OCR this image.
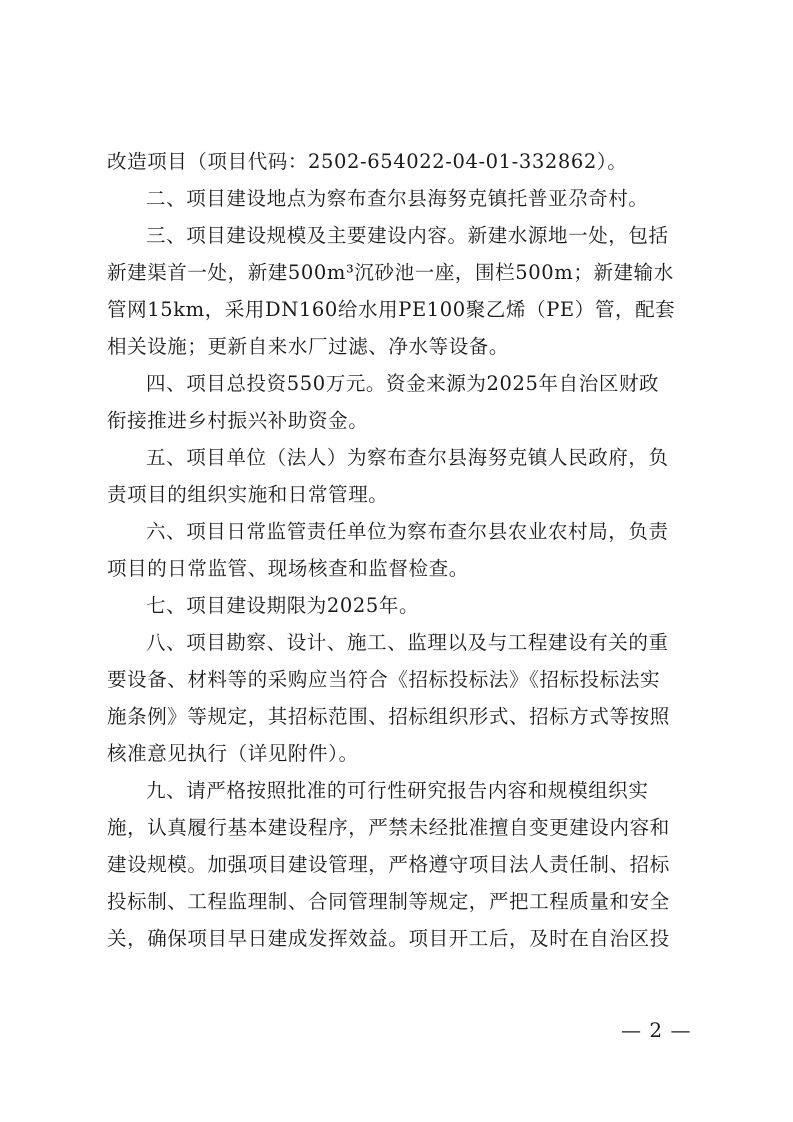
改造项目（项目代码：2502-654022-04-01-332862）。
二、项目建设地点为察布查尔县海努克镇托普亚尕奇村。
三、项目建设规模及主要建设内容。新建水源地一处，包括
新建渠首一处，新建500m³沉砂池一座，围栏500m；新建输水
管网15km，采用DN160给水用PE100聚乙烯（PE）管，配套
相关设施；更新自来水厂过滤、净水等设备。
四、项目总投资550万元。资金来源为2025年自治区财政
衔接推进乡村振兴补助资金。
五、项目单位（法人）为察布查尔县海努克镇人民政府，负
责项目的组织实施和日常管理。
六、项目日常监管责任单位为察布查尔县农业农村局，负责
项目的日常监管、现场核查和监督检查。
七、项目建设期限为2025年。
八、项目勘察、设计、施工、监理以及与工程建设有关的重
要设备、材料等的采购应当符合《招标投标法》《招标投标法实
施条例》等规定，其招标范围、招标组织形式、招标方式等按照
核准意见执行（详见附件）。
九、请严格按照批准的可行性研究报告内容和规模组织实
施，认真履行基本建设程序，严禁未经批准擅自变更建设内容和
建设规模。加强项目建设管理，严格遵守项目法人责任制、招标
投标制、工程监理制、合同管理制等规定，严把工程质量和安全
关，确保项目早日建成发挥效益。项目开工后，及时在自治区投
— 2 —
